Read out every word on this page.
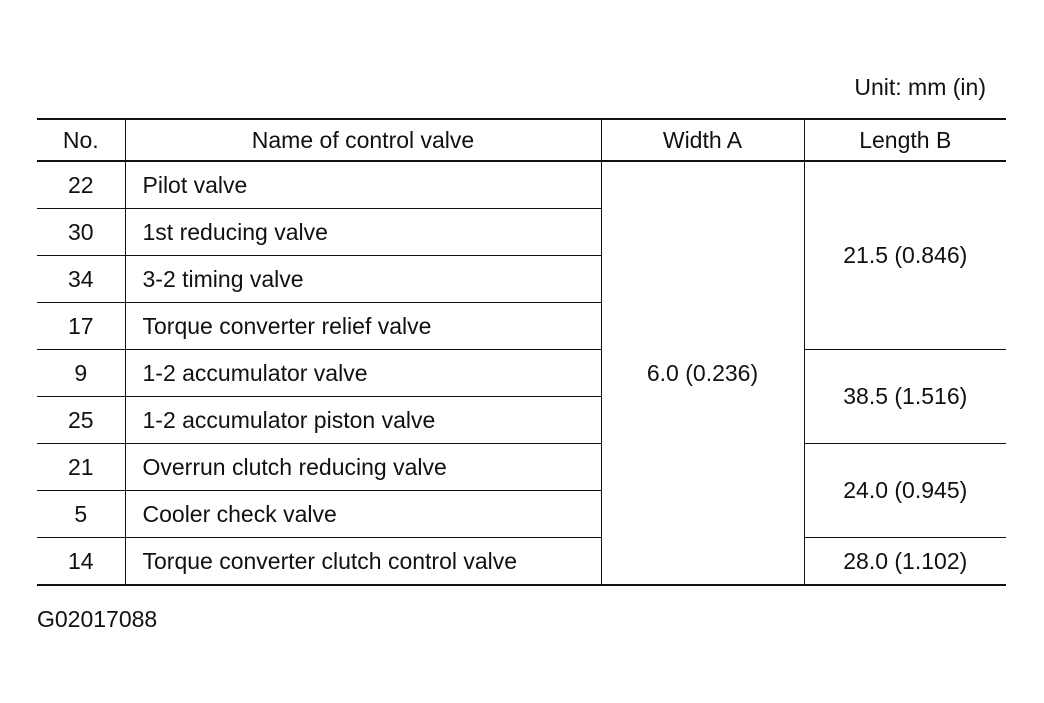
Unit: mm (in)
No.	Name of control valve	Width A	Length B
22	Pilot valve	6.0 (0.236)	21.5 (0.846)
30	1st reducing valve		
34	3-2 timing valve		
17	Torque converter relief valve		
9	1-2 accumulator valve		38.5 (1.516)
25	1-2 accumulator piston valve		
21	Overrun clutch reducing valve		24.0 (0.945)
5	Cooler check valve		
14	Torque converter clutch control valve		28.0 (1.102)
G02017088
